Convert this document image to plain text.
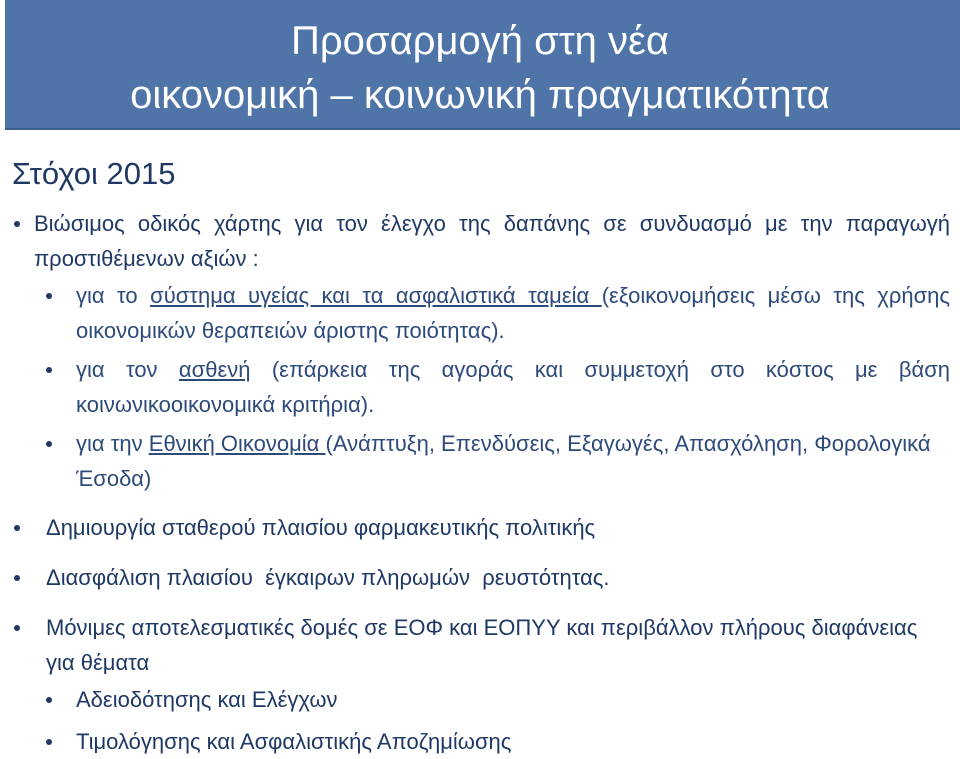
Προσαρμογή στη νέα
οικονομική – κοινωνική πραγματικότητα
Στόχοι 2015
Βιώσιμος οδικός χάρτης για τον έλεγχο της δαπάνης σε συνδυασμό με την παραγωγή προστιθέμενων αξιών :
για το σύστημα υγείας και τα ασφαλιστικά ταμεία (εξοικονομήσεις μέσω της χρήσης οικονομικών θεραπειών άριστης ποιότητας).
για τον ασθενή (επάρκεια της αγοράς και συμμετοχή στο κόστος με βάση κοινωνικοοικονομικά κριτήρια).
για την Εθνική Οικονομία (Ανάπτυξη, Επενδύσεις, Εξαγωγές, Απασχόληση, Φορολογικά Έσοδα)
Δημιουργία σταθερού πλαισίου φαρμακευτικής πολιτικής
Διασφάλιση πλαισίου  έγκαιρων πληρωμών  ρευστότητας.
Μόνιμες αποτελεσματικές δομές σε ΕΟΦ και ΕΟΠΥΥ και περιβάλλον πλήρους διαφάνειας για θέματα
Αδειοδότησης και Ελέγχων
Τιμολόγησης και Ασφαλιστικής Αποζημίωσης
